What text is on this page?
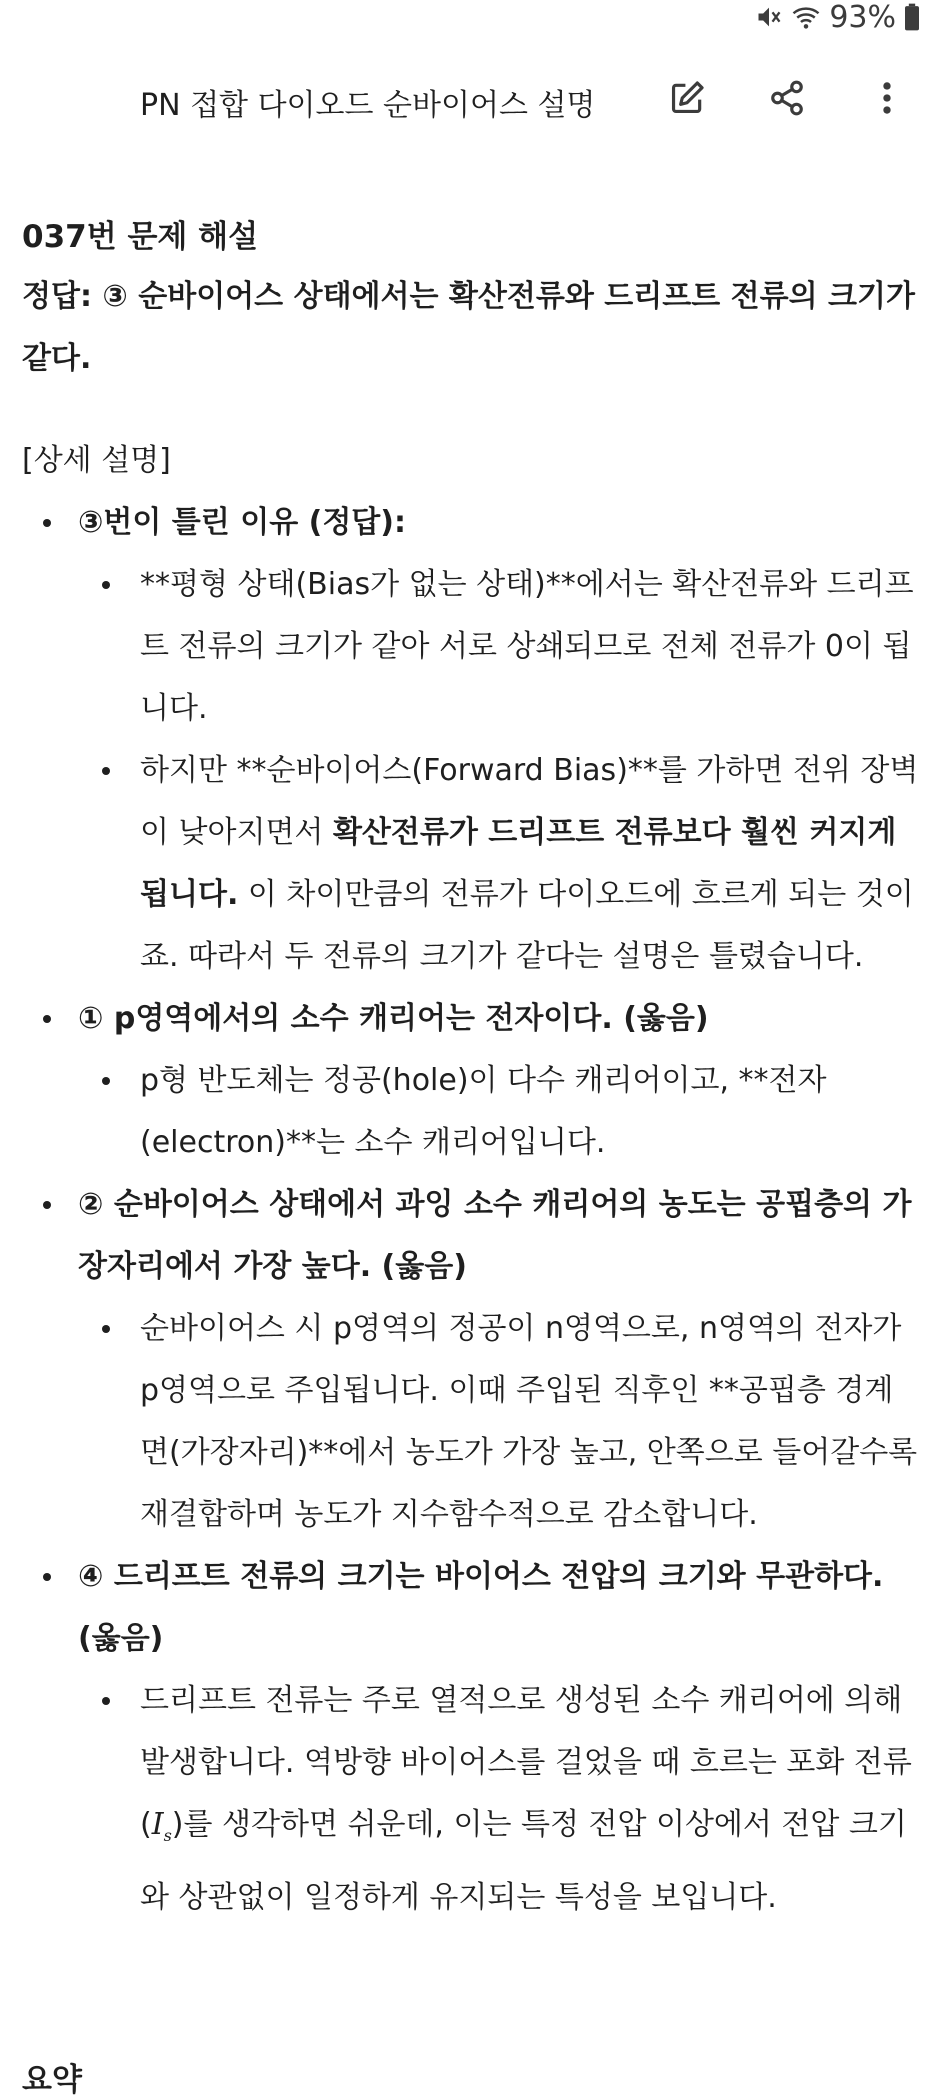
93%
PN 접합 다이오드 순바이어스 설명

037번 문제 해설

정답: ③ 순바이어스 상태에서는 확산전류와 드리프트 전류의 크기가 같다.

[상세 설명]

③번이 틀린 이유 (정답):
**평형 상태(Bias가 없는 상태)**에서는 확산전류와 드리프트 전류의 크기가 같아 서로 상쇄되므로 전체 전류가 0이 됩니다.
하지만 **순바이어스(Forward Bias)**를 가하면 전위 장벽이 낮아지면서 확산전류가 드리프트 전류보다 훨씬 커지게 됩니다. 이 차이만큼의 전류가 다이오드에 흐르게 되는 것이죠. 따라서 두 전류의 크기가 같다는 설명은 틀렸습니다.
① p영역에서의 소수 캐리어는 전자이다. (옳음)
p형 반도체는 정공(hole)이 다수 캐리어이고, **전자(electron)**는 소수 캐리어입니다.
② 순바이어스 상태에서 과잉 소수 캐리어의 농도는 공핍층의 가장자리에서 가장 높다. (옳음)
순바이어스 시 p영역의 정공이 n영역으로, n영역의 전자가 p영역으로 주입됩니다. 이때 주입된 직후인 **공핍층 경계면(가장자리)**에서 농도가 가장 높고, 안쪽으로 들어갈수록 재결합하며 농도가 지수함수적으로 감소합니다.
④ 드리프트 전류의 크기는 바이어스 전압의 크기와 무관하다. (옳음)
드리프트 전류는 주로 열적으로 생성된 소수 캐리어에 의해 발생합니다. 역방향 바이어스를 걸었을 때 흐르는 포화 전류$(I_s)$를 생각하면 쉬운데, 이는 특정 전압 이상에서 전압 크기와 상관없이 일정하게 유지되는 특성을 보입니다.
요약
